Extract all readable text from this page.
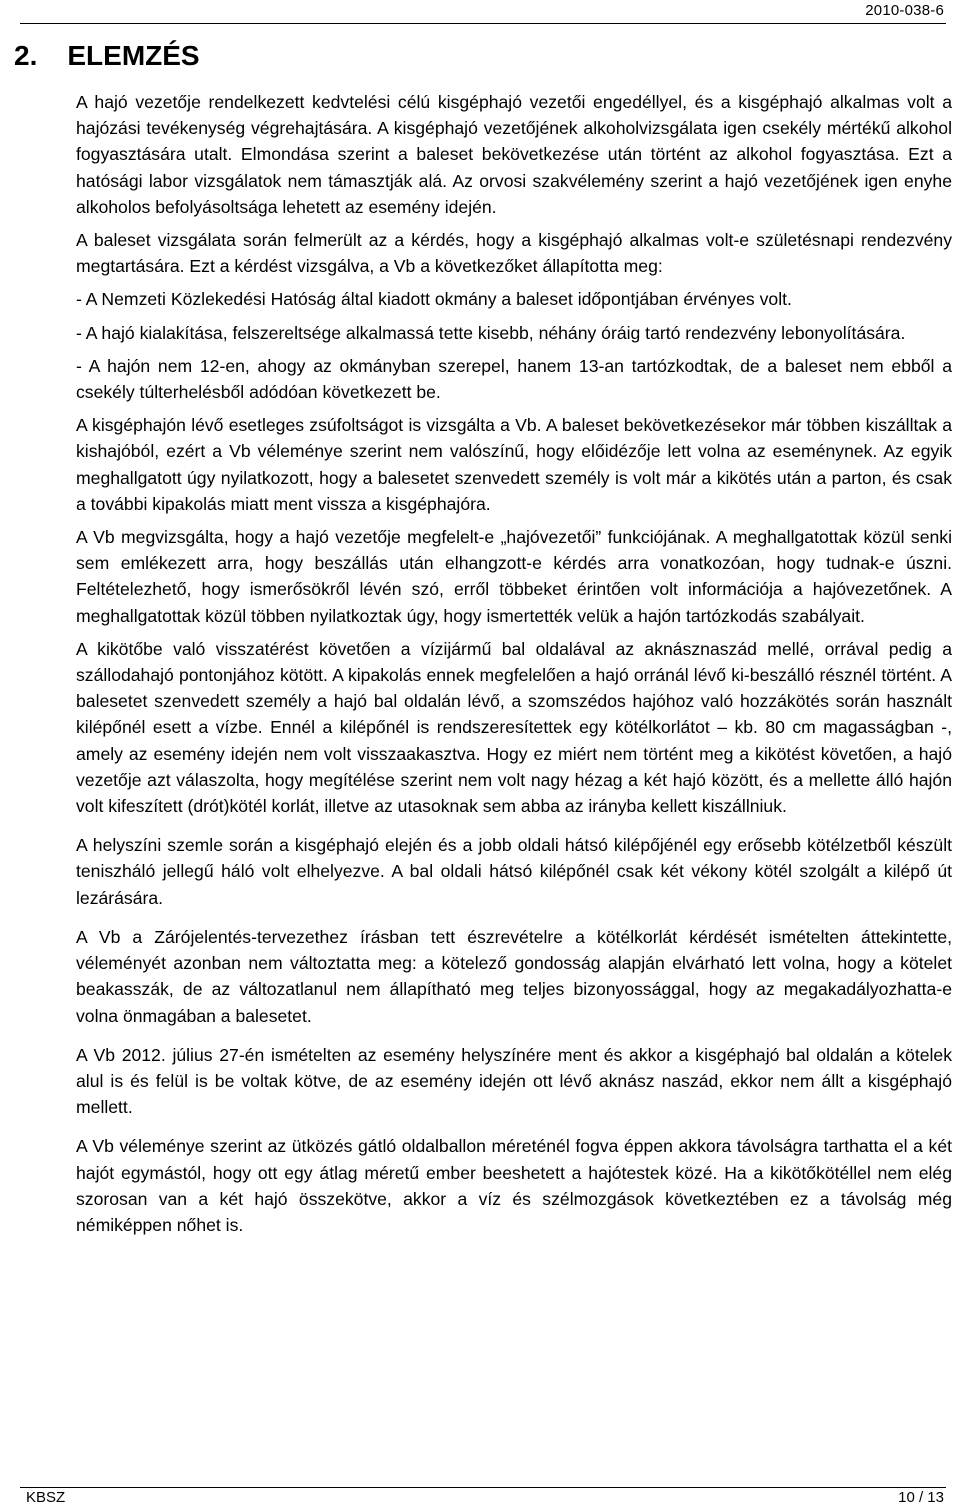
2010-038-6
2. ELEMZÉS

A hajó vezetője rendelkezett kedvtelési célú kisgéphajó vezetői engedéllyel, és a kisgéphajó alkalmas volt a hajózási tevékenység végrehajtására. A kisgéphajó vezetőjének alkoholvizsgálata igen csekély mértékű alkohol fogyasztására utalt. Elmondása szerint a baleset bekövetkezése után történt az alkohol fogyasztása. Ezt a hatósági labor vizsgálatok nem támasztják alá. Az orvosi szakvélemény szerint a hajó vezetőjének igen enyhe alkoholos befolyásoltsága lehetett az esemény idején.

A baleset vizsgálata során felmerült az a kérdés, hogy a kisgéphajó alkalmas volt-e születésnapi rendezvény megtartására. Ezt a kérdést vizsgálva, a Vb a következőket állapította meg:

- A Nemzeti Közlekedési Hatóság által kiadott okmány a baleset időpontjában érvényes volt.

- A hajó kialakítása, felszereltsége alkalmassá tette kisebb, néhány óráig tartó rendezvény lebonyolítására.

- A hajón nem 12-en, ahogy az okmányban szerepel, hanem 13-an tartózkodtak, de a baleset nem ebből a csekély túlterhelésből adódóan következett be.

A kisgéphajón lévő esetleges zsúfoltságot is vizsgálta a Vb. A baleset bekövetkezésekor már többen kiszálltak a kishajóból, ezért a Vb véleménye szerint nem valószínű, hogy előidézője lett volna az eseménynek. Az egyik meghallgatott úgy nyilatkozott, hogy a balesetet szenvedett személy is volt már a kikötés után a parton, és csak a további kipakolás miatt ment vissza a kisgéphajóra.

A Vb megvizsgálta, hogy a hajó vezetője megfelelt-e „hajóvezetői” funkciójának. A meghallgatottak közül senki sem emlékezett arra, hogy beszállás után elhangzott-e kérdés arra vonatkozóan, hogy tudnak-e úszni. Feltételezhető, hogy ismerősökről lévén szó, erről többeket érintően volt információja a hajóvezetőnek. A meghallgatottak közül többen nyilatkoztak úgy, hogy ismertették velük a hajón tartózkodás szabályait.

A kikötőbe való visszatérést követően a vízijármű bal oldalával az aknásznaszád mellé, orrával pedig a szállodahajó pontonjához kötött. A kipakolás ennek megfelelően a hajó orránál lévő ki-beszálló résznél történt. A balesetet szenvedett személy a hajó bal oldalán lévő, a szomszédos hajóhoz való hozzákötés során használt kilépőnél esett a vízbe. Ennél a kilépőnél is rendszeresítettek egy kötélkorlátot – kb. 80 cm magasságban -, amely az esemény idején nem volt visszaakasztva. Hogy ez miért nem történt meg a kikötést követően, a hajó vezetője azt válaszolta, hogy megítélése szerint nem volt nagy hézag a két hajó között, és a mellette álló hajón volt kifeszített (drót)kötél korlát, illetve az utasoknak sem abba az irányba kellett kiszállniuk.

A helyszíni szemle során a kisgéphajó elején és a jobb oldali hátsó kilépőjénél egy erősebb kötélzetből készült teniszháló jellegű háló volt elhelyezve. A bal oldali hátsó kilépőnél csak két vékony kötél szolgált a kilépő út lezárására.

A Vb a Zárójelentés-tervezethez írásban tett észrevételre a kötélkorlát kérdését ismételten áttekintette, véleményét azonban nem változtatta meg: a kötelező gondosság alapján elvárható lett volna, hogy a kötelet beakasszák, de az változatlanul nem állapítható meg teljes bizonyossággal, hogy az megakadályozhatta-e volna önmagában a balesetet.

A Vb 2012. július 27-én ismételten az esemény helyszínére ment és akkor a kisgéphajó bal oldalán a kötelek alul is és felül is be voltak kötve, de az esemény idején ott lévő aknász naszád, ekkor nem állt a kisgéphajó mellett.

A Vb véleménye szerint az ütközés gátló oldalballon méreténél fogva éppen akkora távolságra tarthatta el a két hajót egymástól, hogy ott egy átlag méretű ember beeshetett a hajótestek közé. Ha a kikötőkötéllel nem elég szorosan van a két hajó összekötve, akkor a víz és szélmozgások következtében ez a távolság még némiképpen nőhet is.

KBSZ	10 / 13
